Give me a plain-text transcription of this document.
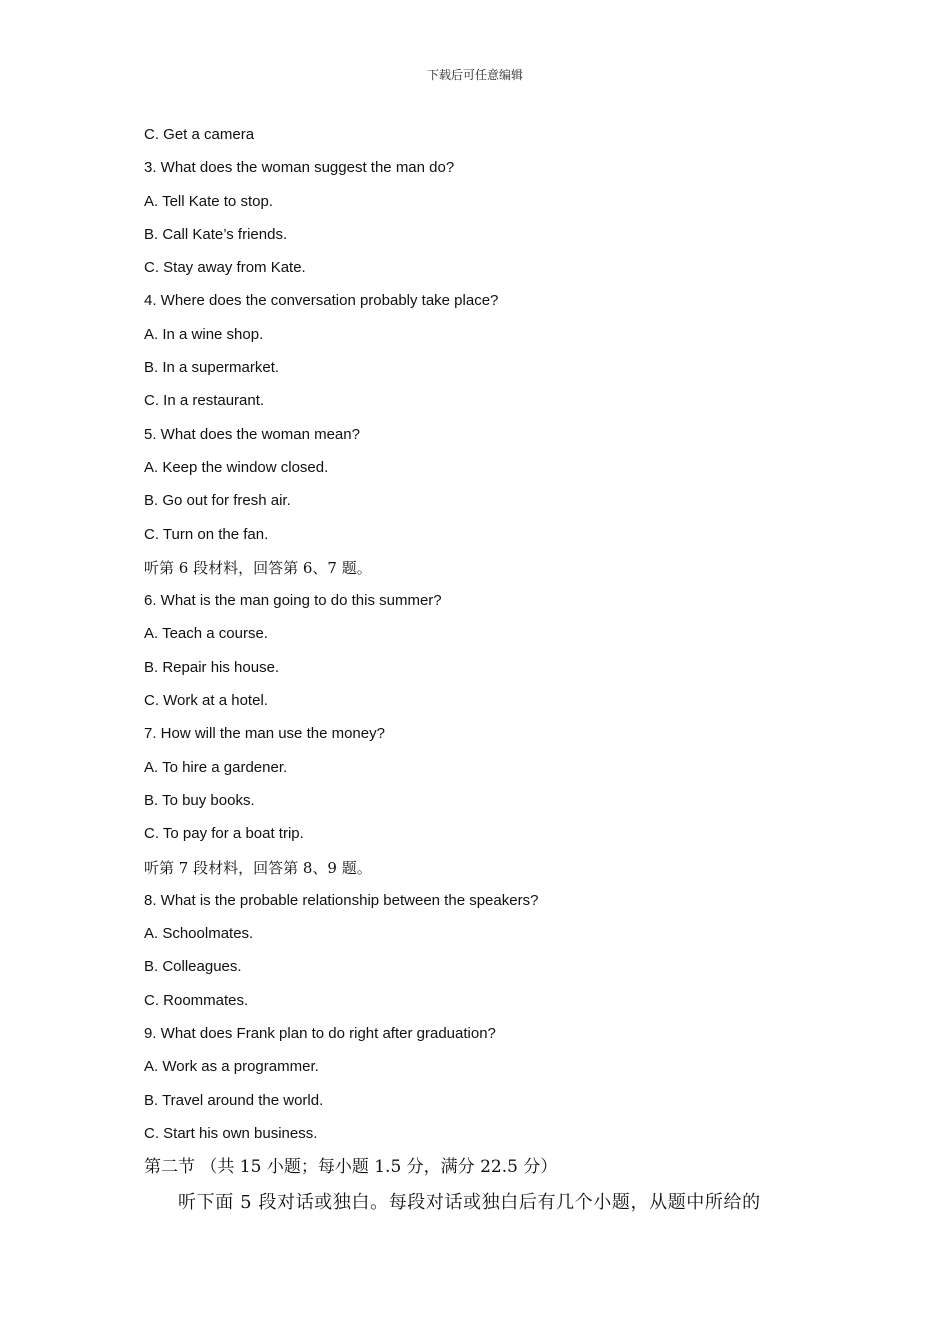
下载后可任意编辑
C. Get a camera
3. What does the woman suggest the man do?
A. Tell Kate to stop.
B. Call Kate’s friends.
C. Stay away from Kate.
4. Where does the conversation probably take place?
A. In a wine shop.
B. In a supermarket.
C. In a restaurant.
5. What does the woman mean?
A. Keep the window closed.
B. Go out for fresh air.
C. Turn on the fan.
听第 6 段材料，回答第 6、7 题。
6. What is the man going to do this summer?
A. Teach a course.
B. Repair his house.
C. Work at a hotel.
7. How will the man use the money?
A. To hire a gardener.
B. To buy books.
C. To pay for a boat trip.
听第 7 段材料，回答第 8、9 题。
8. What is the probable relationship between the speakers?
A. Schoolmates.
B. Colleagues.
C. Roommates.
9. What does Frank plan to do right after graduation?
A. Work as a programmer.
B. Travel around the world.
C. Start his own business.
第二节 （共 15 小题；每小题 1.5 分，满分 22.5 分）
听下面 5 段对话或独白。每段对话或独白后有几个小题，从题中所给的
